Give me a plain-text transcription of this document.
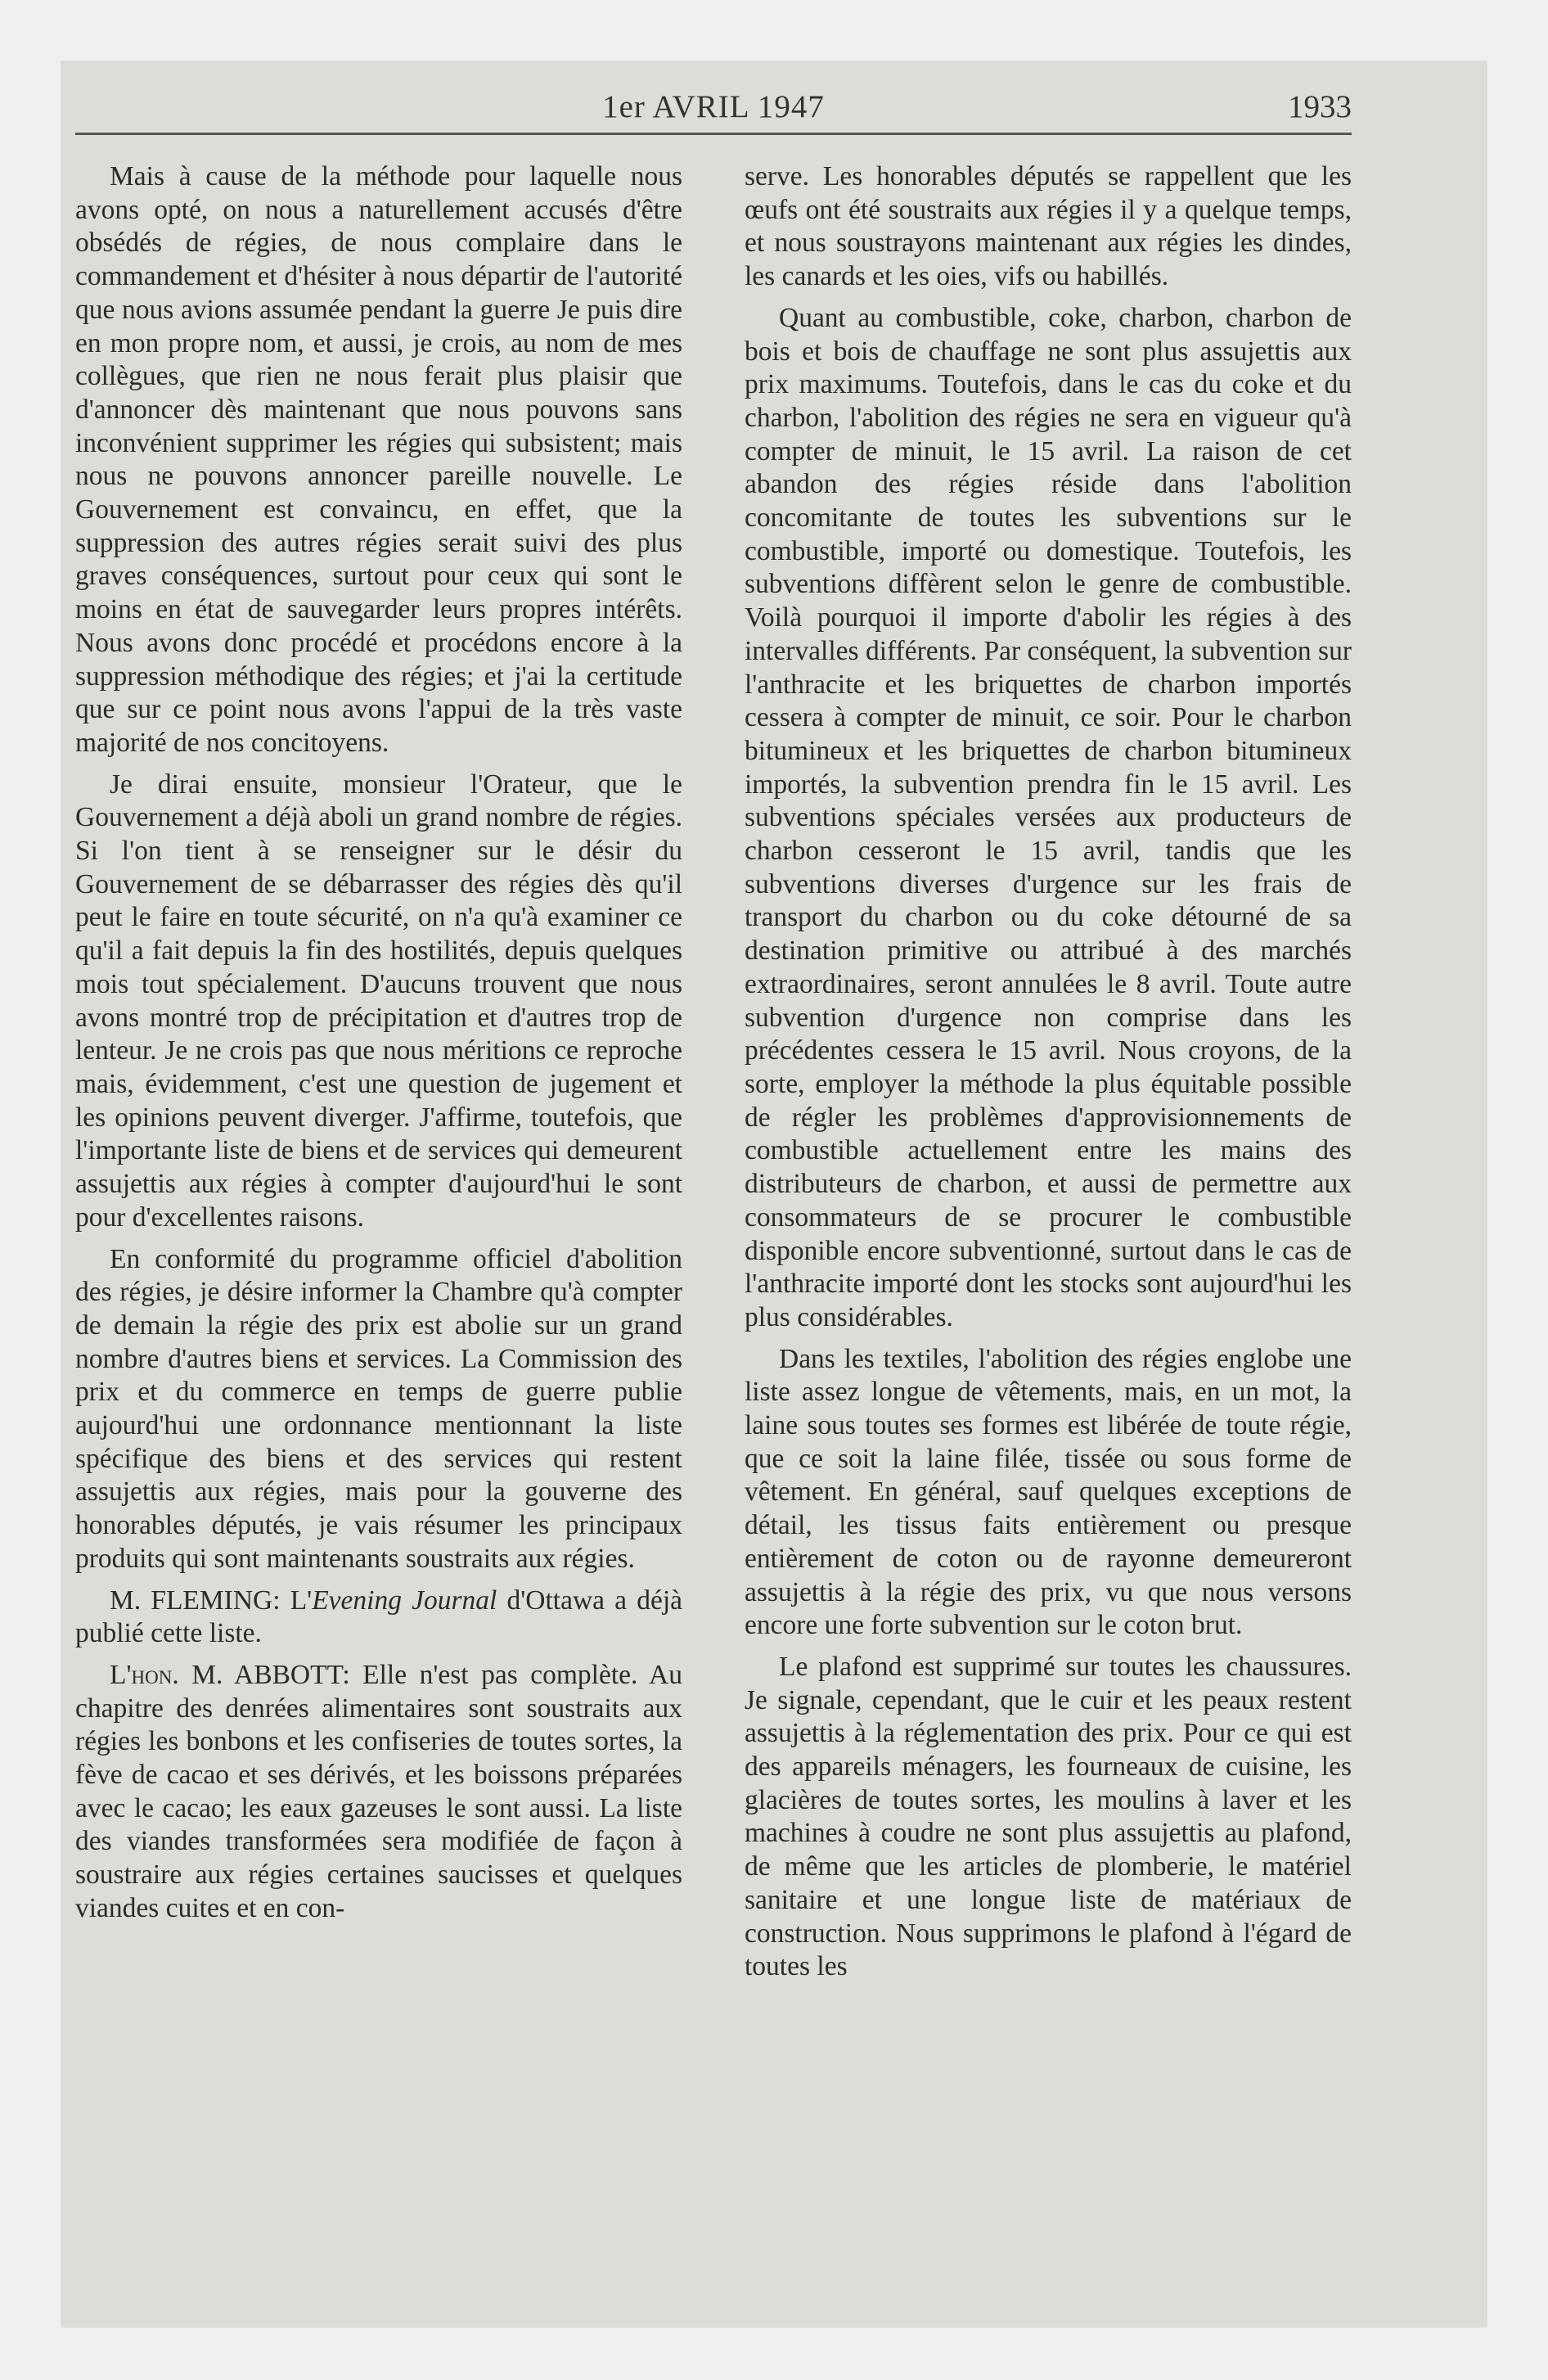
1er AVRIL 1947	1933

Mais à cause de la méthode pour laquelle nous avons opté, on nous a naturellement accusés d'être obsédés de régies, de nous complaire dans le commandement et d'hésiter à nous départir de l'autorité que nous avions assumée pendant la guerre Je puis dire en mon propre nom, et aussi, je crois, au nom de mes collègues, que rien ne nous ferait plus plaisir que d'annoncer dès maintenant que nous pouvons sans inconvénient supprimer les régies qui subsistent; mais nous ne pouvons annoncer pareille nouvelle. Le Gouvernement est convaincu, en effet, que la suppression des autres régies serait suivi des plus graves conséquences, surtout pour ceux qui sont le moins en état de sauvegarder leurs propres intérêts. Nous avons donc procédé et procédons encore à la suppression méthodique des régies; et j'ai la certitude que sur ce point nous avons l'appui de la très vaste majorité de nos concitoyens.

Je dirai ensuite, monsieur l'Orateur, que le Gouvernement a déjà aboli un grand nombre de régies. Si l'on tient à se renseigner sur le désir du Gouvernement de se débarrasser des régies dès qu'il peut le faire en toute sécurité, on n'a qu'à examiner ce qu'il a fait depuis la fin des hostilités, depuis quelques mois tout spécialement. D'aucuns trouvent que nous avons montré trop de précipitation et d'autres trop de lenteur. Je ne crois pas que nous méritions ce reproche mais, évidemment, c'est une question de jugement et les opinions peuvent diverger. J'affirme, toutefois, que l'importante liste de biens et de services qui demeurent assujettis aux régies à compter d'aujourd'hui le sont pour d'excellentes raisons.

En conformité du programme officiel d'abolition des régies, je désire informer la Chambre qu'à compter de demain la régie des prix est abolie sur un grand nombre d'autres biens et services. La Commission des prix et du commerce en temps de guerre publie aujourd'hui une ordonnance mentionnant la liste spécifique des biens et des services qui restent assujettis aux régies, mais pour la gouverne des honorables députés, je vais résumer les principaux produits qui sont maintenants soustraits aux régies.

M. FLEMING: L'Evening Journal d'Ottawa a déjà publié cette liste.

L'hon. M. ABBOTT: Elle n'est pas complète. Au chapitre des denrées alimentaires sont soustraits aux régies les bonbons et les confiseries de toutes sortes, la fève de cacao et ses dérivés, et les boissons préparées avec le cacao; les eaux gazeuses le sont aussi. La liste des viandes transformées sera modifiée de façon à soustraire aux régies certaines saucisses et quelques viandes cuites et en con-

serve. Les honorables députés se rappellent que les œufs ont été soustraits aux régies il y a quelque temps, et nous soustrayons maintenant aux régies les dindes, les canards et les oies, vifs ou habillés.

Quant au combustible, coke, charbon, charbon de bois et bois de chauffage ne sont plus assujettis aux prix maximums. Toutefois, dans le cas du coke et du charbon, l'abolition des régies ne sera en vigueur qu'à compter de minuit, le 15 avril. La raison de cet abandon des régies réside dans l'abolition concomitante de toutes les subventions sur le combustible, importé ou domestique. Toutefois, les subventions diffèrent selon le genre de combustible. Voilà pourquoi il importe d'abolir les régies à des intervalles différents. Par conséquent, la subvention sur l'anthracite et les briquettes de charbon importés cessera à compter de minuit, ce soir. Pour le charbon bitumineux et les briquettes de charbon bitumineux importés, la subvention prendra fin le 15 avril. Les subventions spéciales versées aux producteurs de charbon cesseront le 15 avril, tandis que les subventions diverses d'urgence sur les frais de transport du charbon ou du coke détourné de sa destination primitive ou attribué à des marchés extraordinaires, seront annulées le 8 avril. Toute autre subvention d'urgence non comprise dans les précédentes cessera le 15 avril. Nous croyons, de la sorte, employer la méthode la plus équitable possible de régler les problèmes d'approvisionnements de combustible actuellement entre les mains des distributeurs de charbon, et aussi de permettre aux consommateurs de se procurer le combustible disponible encore subventionné, surtout dans le cas de l'anthracite importé dont les stocks sont aujourd'hui les plus considérables.

Dans les textiles, l'abolition des régies englobe une liste assez longue de vêtements, mais, en un mot, la laine sous toutes ses formes est libérée de toute régie, que ce soit la laine filée, tissée ou sous forme de vêtement. En général, sauf quelques exceptions de détail, les tissus faits entièrement ou presque entièrement de coton ou de rayonne demeureront assujettis à la régie des prix, vu que nous versons encore une forte subvention sur le coton brut.

Le plafond est supprimé sur toutes les chaussures. Je signale, cependant, que le cuir et les peaux restent assujettis à la réglementation des prix. Pour ce qui est des appareils ménagers, les fourneaux de cuisine, les glacières de toutes sortes, les moulins à laver et les machines à coudre ne sont plus assujettis au plafond, de même que les articles de plomberie, le matériel sanitaire et une longue liste de matériaux de construction. Nous supprimons le plafond à l'égard de toutes les
